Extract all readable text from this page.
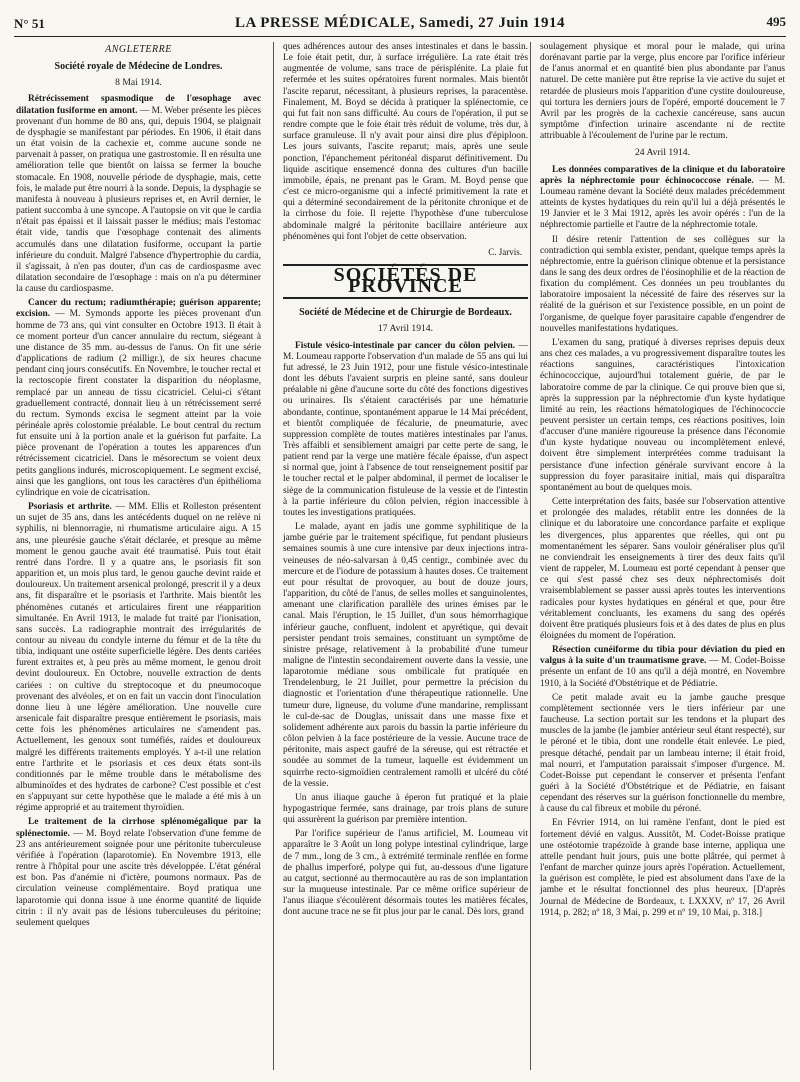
N° 51	LA PRESSE MÉDICALE, Samedi, 27 Juin 1914	495
ANGLETERRE
Société royale de Médecine de Londres.
8 Mai 1914.

Rétrécissement spasmodique de l'œsophage avec dilatation fusiforme en amont. — M. Weber présente les pièces provenant d'un homme de 80 ans, qui, depuis 1904, se plaignait de dysphagie se manifestant par périodes. En 1906, il était dans un état voisin de la cachexie et, comme aucune sonde ne parvenait à passer, on pratiqua une gastrostomie. Il en résulta une amélioration telle que bientôt on laissa se fermer la bouche stomacale. En 1908, nouvelle période de dysphagie, mais, cette fois, le malade put être nourri à la sonde. Depuis, la dysphagie se manifesta à nouveau à plusieurs reprises et, en Avril dernier, le patient succomba à une syncope. A l'autopsie on vit que le cardia n'était pas épaissi et il laissait passer le médius; mais l'estomac était vide, tandis que l'œsophage contenait des aliments accumulés dans une dilatation fusiforme, occupant la partie inférieure du conduit. Malgré l'absence d'hypertrophie du cardia, il s'agissait, à n'en pas douter, d'un cas de cardiospasme avec dilatation secondaire de l'œsophage : mais on n'a pu déterminer la cause du cardiospasme.

Cancer du rectum; radiumthérapie; guérison apparente; excision. — M. Symonds apporte les pièces provenant d'un homme de 73 ans, qui vint consulter en Octobre 1913. Il était à ce moment porteur d'un cancer annulaire du rectum, siégeant à une distance de 35 mm. au-dessus de l'anus. On fit une série d'applications de radium (2 milligr.), de six heures chacune pendant cinq jours consécutifs. En Novembre, le toucher rectal et la rectoscopie firent constater la disparition du néoplasme, remplacé par un anneau de tissu cicatriciel. Celui-ci s'étant graduellement contracté, donnait lieu à un rétrécissement serré du rectum. Symonds excisa le segment atteint par la voie périnéale après colostomie préalable. Le bout central du rectum fut ensuite uni à la portion anale et la guérison fut parfaite. La pièce provenant de l'opération a toutes les apparences d'un rétrécissement cicatriciel. Dans le mésorectum se voient deux petits ganglions indurés, microscopiquement. Le segment excisé, ainsi que les ganglions, ont tous les caractères d'un épithélioma cylindrique en voie de cicatrisation.

Psoriasis et arthrite. — MM. Ellis et Rolleston présentent un sujet de 35 ans, dans les antécédents duquel on ne relève ni syphilis, ni blennorragie, ni rhumatisme articulaire aigu. A 15 ans, une pleurésie gauche s'était déclarée, et presque au même moment le genou gauche avait été traumatisé. Puis tout était rentré dans l'ordre. Il y a quatre ans, le psoriasis fit son apparition et, un mois plus tard, le genou gauche devint raide et douloureux. Un traitement arsenical prolongé, prescrit il y a deux ans, fit disparaître et le psoriasis et l'arthrite. Mais bientôt les phénomènes cutanés et articulaires firent une réapparition simultanée. En Avril 1913, le malade fut traité par l'ionisation, sans succès. La radiographie montrait des irrégularités de contour au niveau du condyle interne du fémur et de la tête du tibia, indiquant une ostéite superficielle légère. Des dents cariées furent extraites et, à peu près au même moment, le genou droit devint douloureux. En Octobre, nouvelle extraction de dents cariées : on cultive du streptocoque et du pneumocoque provenant des alvéoles, et on en fait un vaccin dont l'inoculation donne lieu à une légère amélioration. Une nouvelle cure arsenicale fait disparaître presque entièrement le psoriasis, mais cette fois les phénomènes articulaires ne s'amendent pas. Actuellement, les genoux sont tuméfiés, raides et douloureux malgré les différents traitements employés. Y a-t-il une relation entre l'arthrite et le psoriasis et ces deux états sont-ils conditionnés par le même trouble dans le métabolisme des albuminoïdes et des hydrates de carbone? C'est possible et c'est en s'appuyant sur cette hypothèse que le malade a été mis à un régime approprié et au traitement thyroïdien.

Le traitement de la cirrhose splénomégalique par la splénectomie. — M. Boyd relate l'observation d'une femme de 23 ans antérieurement soignée pour une péritonite tuberculeuse vérifiée à l'opération (laparotomie). En Novembre 1913, elle rentre à l'hôpital pour une ascite très développée. L'état général est bon. Pas d'anémie ni d'ictère, poumons normaux. Pas de circulation veineuse complémentaire. Boyd pratiqua une laparotomie qui donna issue à une énorme quantité de liquide citrin : il n'y avait pas de lésions tuberculeuses du péritoine; seulement quelques

ques adhérences autour des anses intestinales et dans le bassin. Le foie était petit, dur, à surface irrégulière. La rate était très augmentée de volume, sans trace de périsplénite. La plaie fut refermée et les suites opératoires furent normales. Mais bientôt l'ascite reparut, nécessitant, à plusieurs reprises, la paracentèse. Finalement, M. Boyd se décida à pratiquer la splénectomie, ce qui fut fait non sans difficulté. Au cours de l'opération, il put se rendre compte que le foie était très réduit de volume, très dur, à surface granuleuse. Il n'y avait pour ainsi dire plus d'épiploon. Les jours suivants, l'ascite reparut; mais, après une seule ponction, l'épanchement péritonéal disparut définitivement. Du liquide ascitique ensemencé donna des cultures d'un bacille immobile, épais, ne prenant pas le Gram. M. Boyd pense que c'est ce micro-organisme qui a infecté primitivement la rate et qui a déterminé secondairement de la péritonite chronique et de la cirrhose du foie. Il rejette l'hypothèse d'une tuberculose abdominale malgré la péritonite bacillaire antérieure aux phénomènes qui font l'objet de cette observation.

C. Jarvis.
SOCIÉTÉS DE PROVINCE
Société de Médecine et de Chirurgie de Bordeaux.
17 Avril 1914.

Fistule vésico-intestinale par cancer du côlon pelvien. — M. Loumeau rapporte l'observation d'un malade de 55 ans qui lui fut adressé, le 23 Juin 1912, pour une fistule vésico-intestinale dont les débuts l'avaient surpris en pleine santé, sans douleur préalable ni gêne d'aucune sorte du côté des fonctions digestives ou urinaires. Ils s'étaient caractérisés par une hématurie abondante, continue, spontanément apparue le 14 Mai précédent, et bientôt compliquée de fécalurie, de pneumaturie, avec suppression complète de toutes matières intestinales par l'anus. Très affaibli et sensiblement amaigri par cette perte de sang, le patient rend par la verge une matière fécale épaisse, d'un aspect si normal que, joint à l'absence de tout renseignement positif par le toucher rectal et le palper abdominal, il permet de localiser le siège de la communication fistuleuse de la vessie et de l'intestin à la partie inférieure du côlon pelvien, région inaccessible à toutes les investigations pratiquées.

Le malade, ayant en jadis une gomme syphilitique de la jambe guérie par le traitement spécifique, fut pendant plusieurs semaines soumis à une cure intensive par deux injections intra-veineuses de néo-salvarsan à 0,45 centigr., combinée avec du mercure et de l'iodure de potassium à hautes doses. Ce traitement eut pour résultat de provoquer, au bout de douze jours, l'apparition, du côté de l'anus, de selles molles et sanguinolentes, amenant une clarification parallèle des urines émises par le canal. Mais l'éruption, le 15 Juillet, d'un sous hémorrhagique inférieur gauche, confluent, indolent et apyrétique, qui devait persister pendant trois semaines, constituant un symptôme de sinistre présage, relativement à la probabilité d'une tumeur maligne de l'intestin secondairement ouverte dans la vessie, une laparotomie médiane sous ombilicale fut pratiquée en Trendelenburg, le 21 Juillet, pour permettre la précision du diagnostic et l'orientation d'une thérapeutique rationnelle. Une tumeur dure, ligneuse, du volume d'une mandarine, remplissant le cul-de-sac de Douglas, unissait dans une masse fixe et solidement adhérente aux parois du bassin la partie inférieure du côlon pelvien à la face postérieure de la vessie. Aucune trace de péritonite, mais aspect gaufré de la séreuse, qui est rétractée et soudée au sommet de la tumeur, laquelle est évidemment un squirrhe recto-sigmoïdien centralement ramolli et ulcéré du côté de la vessie.

Un anus iliaque gauche à éperon fut pratiqué et la plaie hypogastrique fermée, sans drainage, par trois plans de suture qui assurèrent la guérison par première intention.

Par l'orifice supérieur de l'anus artificiel, M. Loumeau vit apparaître le 3 Août un long polype intestinal cylindrique, large de 7 mm., long de 3 cm., à extrémité terminale renflée en forme de phallus imperforé, polype qui fut, au-dessous d'une ligature au catgut, sectionné au thermocautère au ras de son implantation sur la muqueuse intestinale. Par ce même orifice supérieur de l'anus iliaque s'écoulèrent désormais toutes les matières fécales, dont aucune trace ne se fit plus jour par le canal. Dès lors, grand

soulagement physique et moral pour le malade, qui urina dorénavant partie par la verge, plus encore par l'orifice inférieur de l'anus anormal et en quantité bien plus abondante par l'anus naturel. De cette manière put être reprise la vie active du sujet et retardée de plusieurs mois l'apparition d'une cystite douloureuse, qui tortura les derniers jours de l'opéré, emporté doucement le 7 Avril par les progrès de la cachexie cancéreuse, sans aucun symptôme d'infection urinaire ascendante ni de rectite attribuable à l'écoulement de l'urine par le rectum.

24 Avril 1914.

Les données comparatives de la clinique et du laboratoire après la néphrectomie pour échinococcose rénale. — M. Loumeau ramène devant la Société deux malades précédemment atteints de kystes hydatiques du rein qu'il lui a déjà présentés le 19 Janvier et le 3 Mai 1912, après les avoir opérés : l'un de la néphrectomie partielle et l'autre de la néphrectomie totale.

Il désire retenir l'attention de ses collègues sur la contradiction qui sembla exister, pendant, quelque temps après la néphrectomie, entre la guérison clinique obtenue et la persistance dans le sang des deux ordres de l'éosinophilie et de la réaction de fixation du complément. Ces données un peu troublantes du laboratoire imposaient la nécessité de faire des réserves sur la réalité de la guérison et sur l'existence possible, en un point de l'organisme, de quelque foyer parasitaire capable d'engendrer de nouvelles manifestations hydatiques.

L'examen du sang, pratiqué à diverses reprises depuis deux ans chez ces malades, a vu progressivement disparaître toutes les réactions sanguines, caractéristiques l'intoxication échinococcique, aujourd'hui totalement guérie, de par le laboratoire comme de par la clinique. Ce qui prouve bien que si, après la suppression par la néphrectomie d'un kyste hydatique limité au rein, les réactions hématologiques de l'échinococcie peuvent persister un certain temps, ces réactions positives, loin d'accuser d'une manière rigoureuse la présence dans l'économie d'un kyste hydatique nouveau ou incomplètement enlevé, doivent être simplement interprétées comme traduisant la persistance d'une infection générale survivant encore à la suppression du foyer parasitaire initial, mais qui disparaîtra spontanément au bout de quelques mois.

Cette interprétation des faits, basée sur l'observation attentive et prolongée des malades, rétablit entre les données de la clinique et du laboratoire une concordance parfaite et explique les divergences, plus apparentes que réelles, qui ont pu momentanément les séparer. Sans vouloir généraliser plus qu'il ne conviendrait les enseignements à tirer des deux faits qu'il vient de rappeler, M. Loumeau est porté cependant à penser que ce qui s'est passé chez ses deux néphrectomisés doit vraisemblablement se passer aussi après toutes les interventions radicales pour kystes hydatiques en général et que, pour être véritablement concluants, les examens du sang des opérés doivent être pratiqués plusieurs fois et à des dates de plus en plus éloignées du moment de l'opération.

Résection cunéiforme du tibia pour déviation du pied en valgus à la suite d'un traumatisme grave. — M. Codet-Boisse présente un enfant de 10 ans qu'il a déjà montré, en Novembre 1910, à la Société d'Obstétrique et de Pédiatrie.

Ce petit malade avait eu la jambe gauche presque complètement sectionnée vers le tiers inférieur par une faucheuse. La section portait sur les tendons et la plupart des muscles de la jambe (le jambier antérieur seul étant respecté), sur le péroné et le tibia, dont une rondelle était enlevée. Le pied, presque détaché, pendait par un lambeau interne; il était froid, mal nourri, et l'amputation paraissait s'imposer d'urgence. M. Codet-Boisse put cependant le conserver et présenta l'enfant guéri à la Société d'Obstétrique et de Pédiatrie, en faisant cependant des réserves sur la guérison fonctionnelle du membre, à cause du cal fibreux et mobile du péroné.

En Février 1914, on lui ramène l'enfant, dont le pied est fortement dévié en valgus. Aussitôt, M. Codet-Boisse pratique une ostéotomie trapézoïde à grande base interne, appliqua une attelle pendant huit jours, puis une botte plâtrée, qui permet à l'enfant de marcher quinze jours après l'opération. Actuellement, la guérison est complète, le pied est absolument dans l'axe de la jambe et le résultat fonctionnel des plus heureux. [D'après Journal de Médecine de Bordeaux, t. LXXXV, nº 17, 26 Avril 1914, p. 282; nº 18, 3 Mai, p. 299 et nº 19, 10 Mai, p. 318.]
